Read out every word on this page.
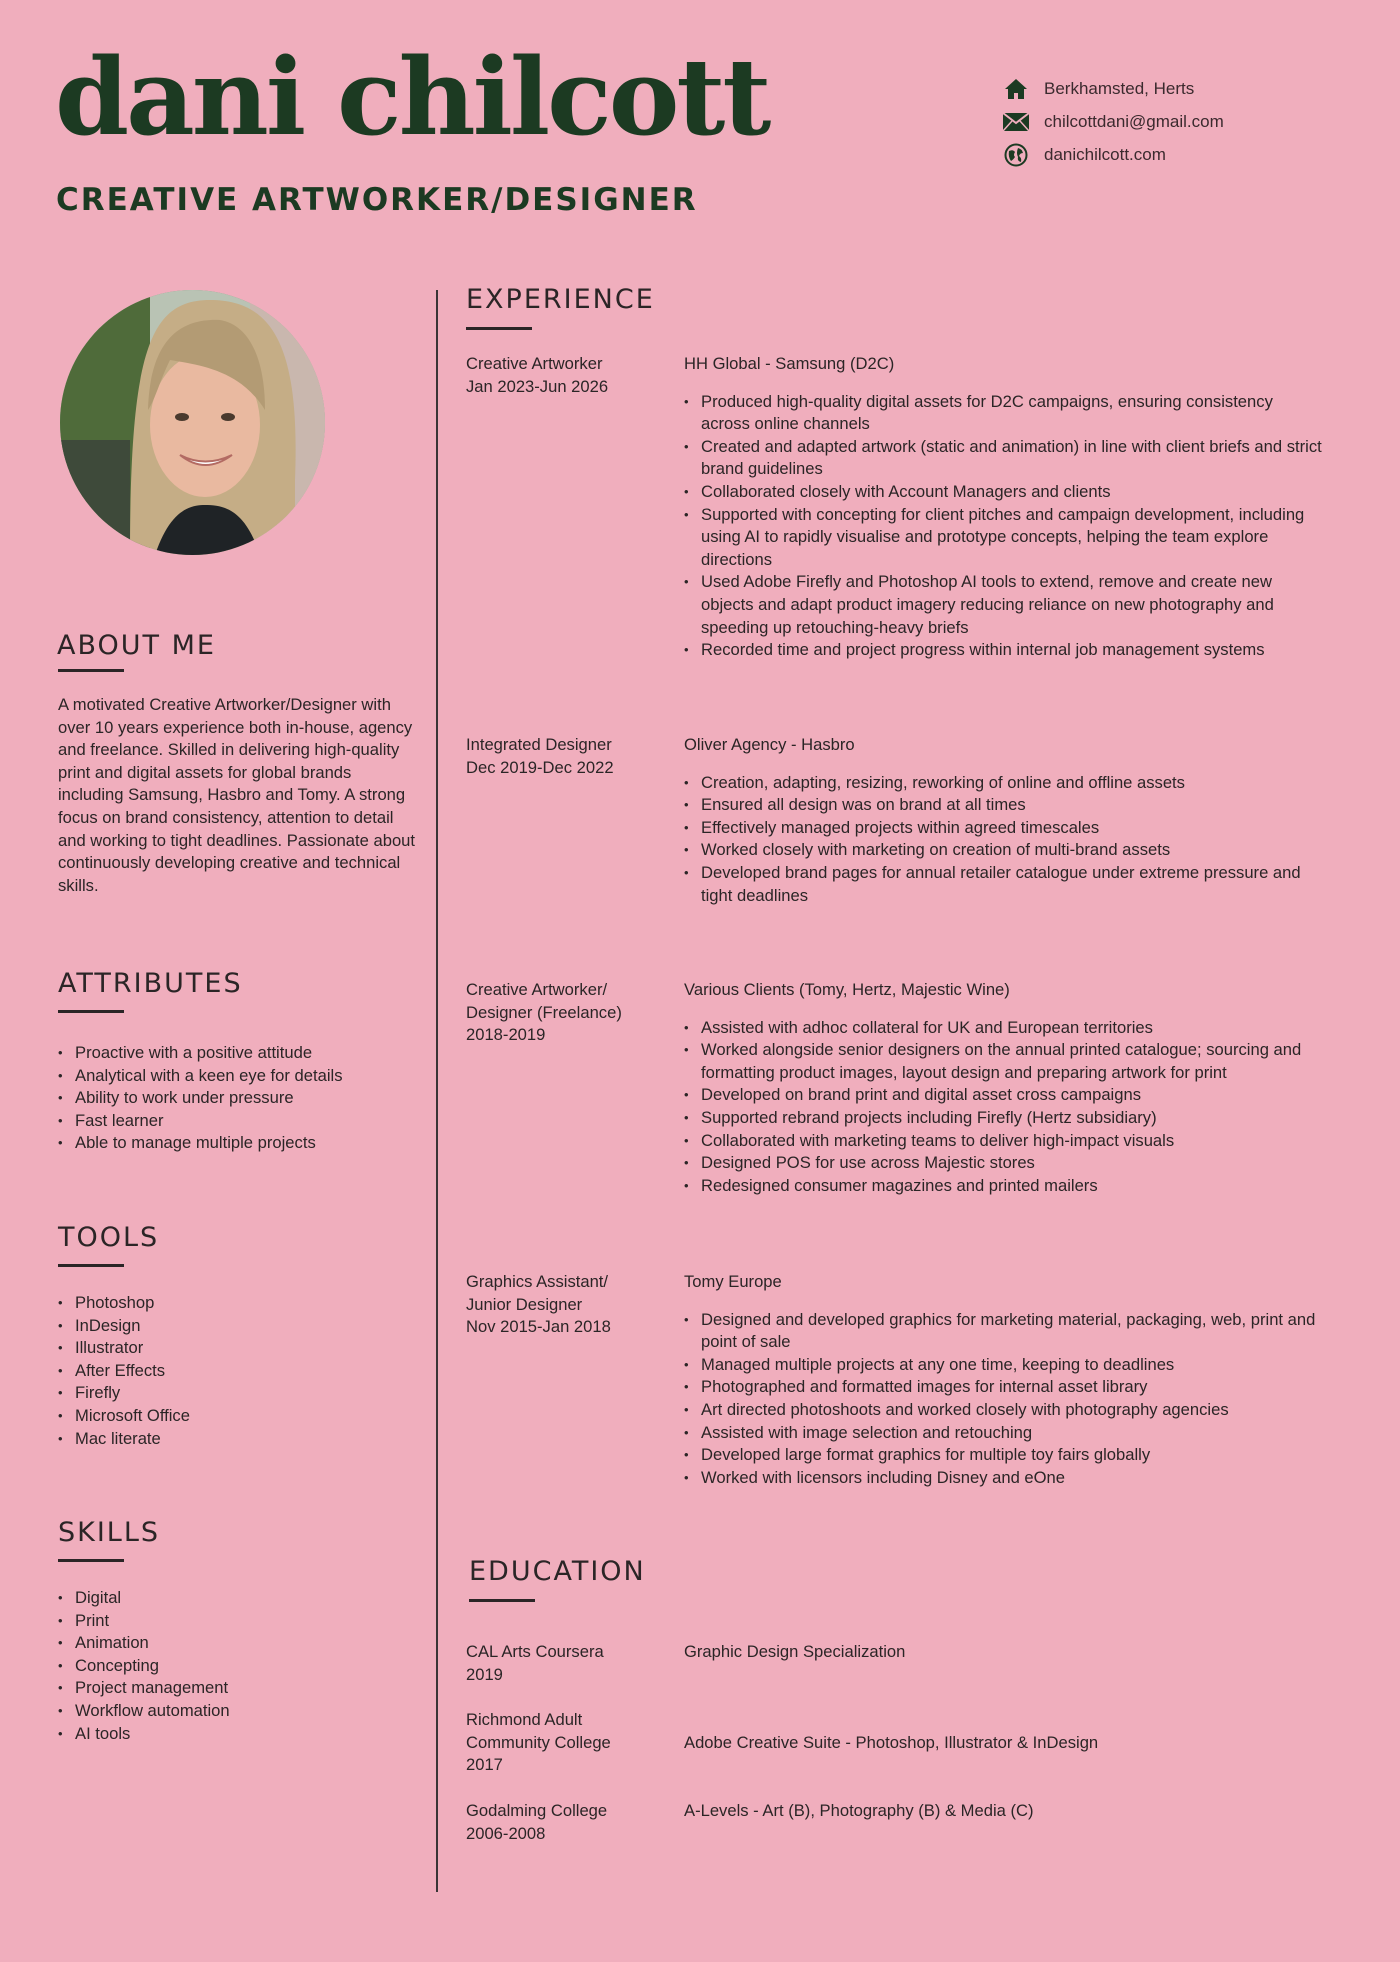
dani chilcott
CREATIVE ARTWORKER/DESIGNER
Berkhamsted, Herts
chilcottdani@gmail.com
danichilcott.com
ABOUT ME
A motivated Creative Artworker/Designer with over 10 years experience both in-house, agency and freelance. Skilled in delivering high-quality print and digital assets for global brands including Samsung, Hasbro and Tomy. A strong focus on brand consistency, attention to detail and working to tight deadlines. Passionate about continuously developing creative and technical skills.
ATTRIBUTES
• Proactive with a positive attitude
• Analytical with a keen eye for details
• Ability to work under pressure
• Fast learner
• Able to manage multiple projects
TOOLS
• Photoshop
• InDesign
• Illustrator
• After Effects
• Firefly
• Microsoft Office
• Mac literate
SKILLS
• Digital
• Print
• Animation
• Concepting
• Project management
• Workflow automation
• AI tools
EXPERIENCE
Creative Artwork​er
Jan 2023-Jun 2026
HH Global - Samsung (D2C)
• Produced high-quality digital assets for D2C campaigns, ensuring consistency across online channels
• Created and adapted artwork (static and animation) in line with client briefs and strict brand guidelines
• Collaborated closely with Account Managers and clients
• Supported with concepting for client pitches and campaign development, including using AI to rapidly visualise and prototype concepts, helping the team explore directions
• Used Adobe Firefly and Photoshop AI tools to extend, remove and create new objects and adapt product imagery reducing reliance on new photography and speeding up retouching-heavy briefs
• Recorded time and project progress within internal job management systems
Integrated Designer
Dec 2019-Dec 2022
Oliver Agency - Hasbro
• Creation, adapting, resizing, reworking of online and offline assets
• Ensured all design was on brand at all times
• Effectively managed projects within agreed timescales
• Worked closely with marketing on creation of multi-brand assets
• Developed brand pages for annual retailer catalogue under extreme pressure and tight deadlines
Creative Artworker/ Designer (Freelance)
2018-2019
Various Clients (Tomy, Hertz, Majestic Wine)
• Assisted with adhoc collateral for UK and European territories
• Worked alongside senior designers on the annual printed catalogue; sourcing and formatting product images, layout design and preparing artwork for print
• Developed on brand print and digital asset cross campaigns
• Supported rebrand projects including Firefly (Hertz subsidiary)
• Collaborated with marketing teams to deliver high-impact visuals
• Designed POS for use across Majestic stores
• Redesigned consumer magazines and printed mailers
Graphics Assistant/ Junior Designer
Nov 2015-Jan 2018
Tomy Europe
• Designed and developed graphics for marketing material, packaging, web, print and point of sale
• Managed multiple projects at any one time, keeping to deadlines
• Photographed and formatted images for internal asset library
• Art directed photoshoots and worked closely with photography agencies
• Assisted with image selection and retouching
• Developed large format graphics for multiple toy fairs globally
• Worked with licensors including Disney and eOne
EDUCATION
CAL Arts Coursera
2019
Graphic Design Specialization
Richmond Adult Community College
2017
Adobe Creative Suite - Photoshop, Illustrator & InDesign
Godalming College
2006-2008
A-Levels - Art (B), Photography (B) & Media (C)
